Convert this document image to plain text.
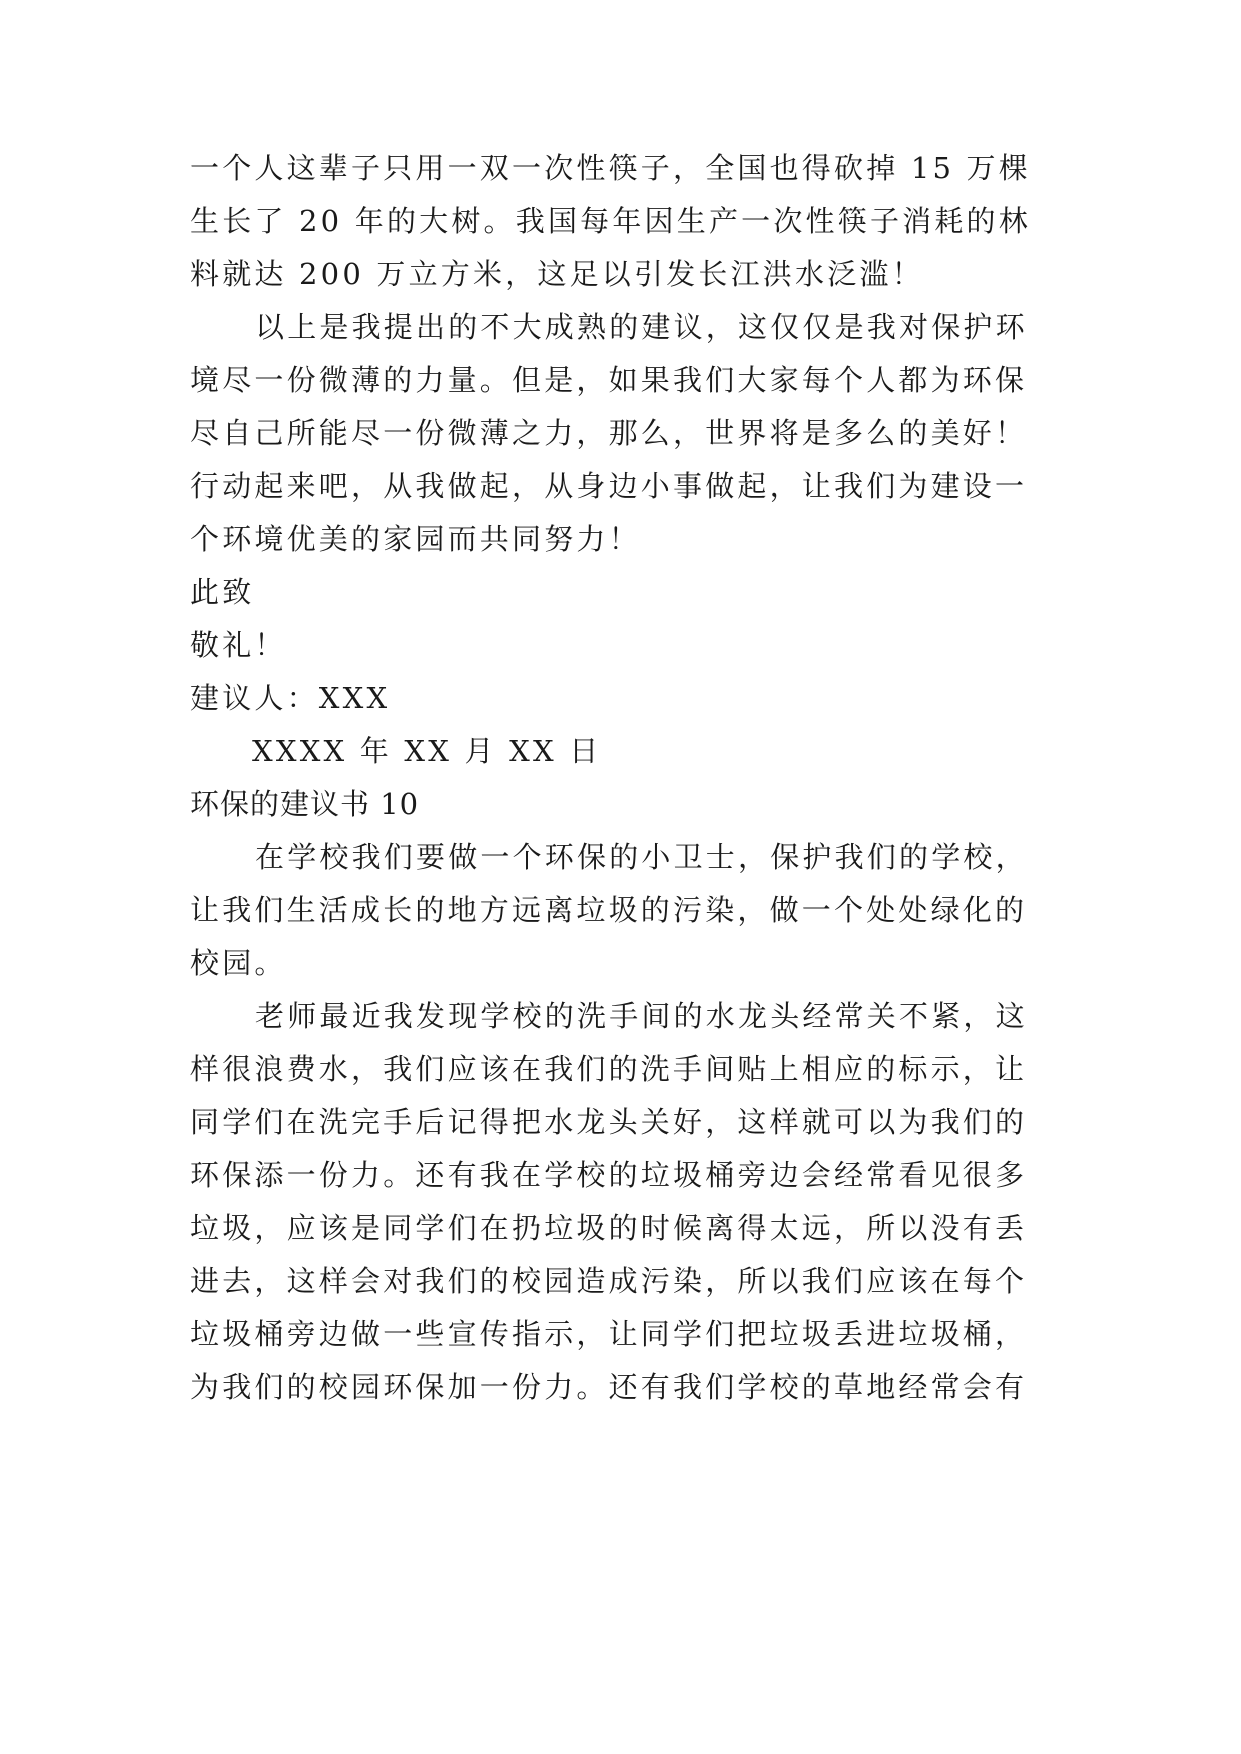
一个人这辈子只用一双一次性筷子，全国也得砍掉 15 万棵
生长了 20 年的大树。我国每年因生产一次性筷子消耗的林
料就达 200 万立方米，这足以引发长江洪水泛滥！
以上是我提出的不大成熟的建议，这仅仅是我对保护环
境尽一份微薄的力量。但是，如果我们大家每个人都为环保
尽自己所能尽一份微薄之力，那么，世界将是多么的美好！
行动起来吧，从我做起，从身边小事做起，让我们为建设一
个环境优美的家园而共同努力！
此致
敬礼！
建议人：XXX
XXXX 年 XX 月 XX 日
环保的建议书 10
在学校我们要做一个环保的小卫士，保护我们的学校，
让我们生活成长的地方远离垃圾的污染，做一个处处绿化的
校园。
老师最近我发现学校的洗手间的水龙头经常关不紧，这
样很浪费水，我们应该在我们的洗手间贴上相应的标示，让
同学们在洗完手后记得把水龙头关好，这样就可以为我们的
环保添一份力。还有我在学校的垃圾桶旁边会经常看见很多
垃圾，应该是同学们在扔垃圾的时候离得太远，所以没有丢
进去，这样会对我们的校园造成污染，所以我们应该在每个
垃圾桶旁边做一些宣传指示，让同学们把垃圾丢进垃圾桶，
为我们的校园环保加一份力。还有我们学校的草地经常会有
